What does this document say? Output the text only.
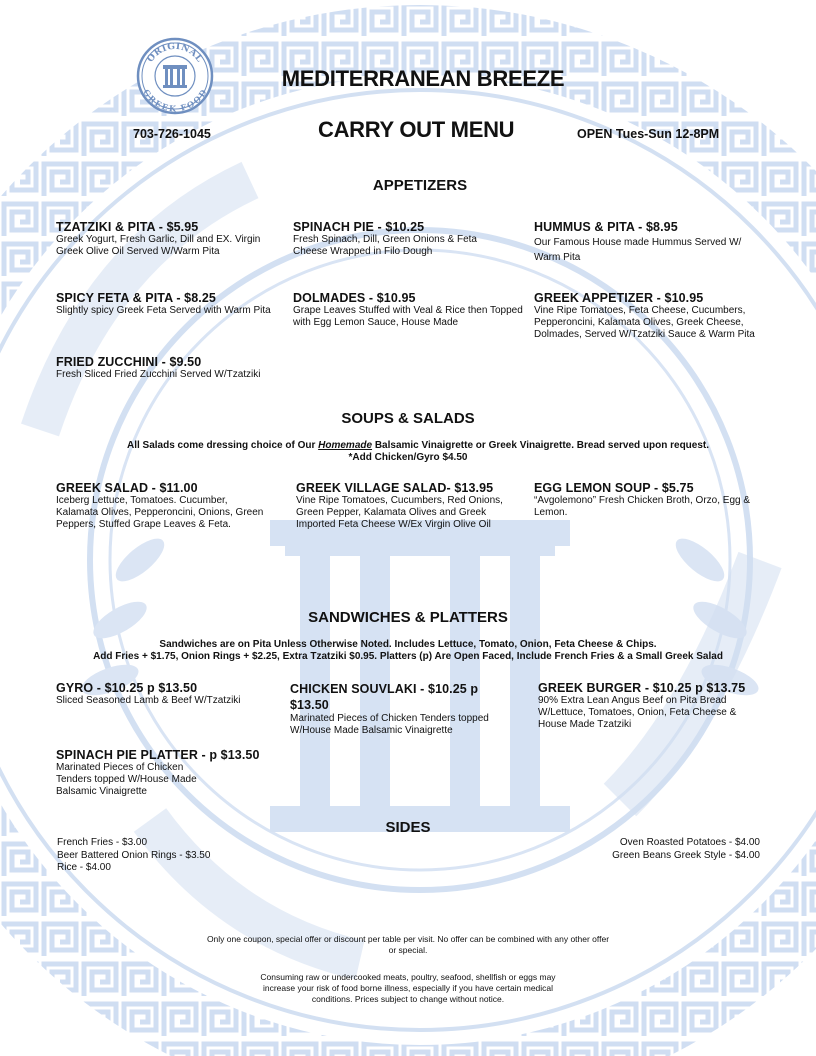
ORIGINAL
GREEK FOOD
MEDITERRANEAN BREEZE
703-726-1045	CARRY OUT MENU	OPEN Tues-Sun 12-8PM
APPETIZERS
TZATZIKI & PITA - $5.95
Greek Yogurt, Fresh Garlic, Dill and EX. Virgin Greek Olive Oil Served W/Warm Pita
SPINACH PIE - $10.25
Fresh Spinach, Dill, Green Onions & Feta Cheese Wrapped in Filo Dough
HUMMUS & PITA - $8.95
Our Famous House made Hummus Served W/ Warm Pita
SPICY FETA & PITA - $8.25
Slightly spicy Greek Feta Served with Warm Pita
DOLMADES - $10.95
Grape Leaves Stuffed with Veal & Rice then Topped with Egg Lemon Sauce, House Made
GREEK APPETIZER - $10.95
Vine Ripe Tomatoes, Feta Cheese, Cucumbers, Pepperoncini, Kalamata Olives, Greek Cheese, Dolmades, Served W/Tzatziki Sauce & Warm Pita
FRIED ZUCCHINI - $9.50
Fresh Sliced Fried Zucchini Served W/Tzatziki
SOUPS & SALADS
All Salads come dressing choice of Our Homemade Balsamic Vinaigrette or Greek Vinaigrette. Bread served upon request.
*Add Chicken/Gyro $4.50
GREEK SALAD - $11.00
Iceberg Lettuce, Tomatoes. Cucumber, Kalamata Olives, Pepperoncini, Onions, Green Peppers, Stuffed Grape Leaves & Feta.
GREEK VILLAGE SALAD- $13.95
Vine Ripe Tomatoes, Cucumbers, Red Onions, Green Pepper, Kalamata Olives and Greek Imported Feta Cheese W/Ex Virgin Olive Oil
EGG LEMON SOUP - $5.75
“Avgolemono” Fresh Chicken Broth, Orzo, Egg & Lemon.
SANDWICHES & PLATTERS
Sandwiches are on Pita Unless Otherwise Noted. Includes Lettuce, Tomato, Onion, Feta Cheese & Chips.
Add Fries + $1.75, Onion Rings + $2.25, Extra Tzatziki $0.95. Platters (p) Are Open Faced, Include French Fries & a Small Greek Salad
GYRO - $10.25 p $13.50
Sliced Seasoned Lamb & Beef W/Tzatziki
CHICKEN SOUVLAKI - $10.25 p $13.50
Marinated Pieces of Chicken Tenders topped W/House Made Balsamic Vinaigrette
GREEK BURGER - $10.25 p $13.75
90% Extra Lean Angus Beef on Pita Bread W/Lettuce, Tomatoes, Onion, Feta Cheese & House Made Tzatziki
SPINACH PIE PLATTER - p $13.50
Marinated Pieces of Chicken Tenders topped W/House Made Balsamic Vinaigrette
SIDES
French Fries - $3.00
Beer Battered Onion Rings - $3.50
Rice - $4.00
Oven Roasted Potatoes - $4.00
Green Beans Greek Style - $4.00
Only one coupon, special offer or discount per table per visit. No offer can be combined with any other offer or special.
Consuming raw or undercooked meats, poultry, seafood, shellfish or eggs may increase your risk of food borne illness, especially if you have certain medical conditions. Prices subject to change without notice.
